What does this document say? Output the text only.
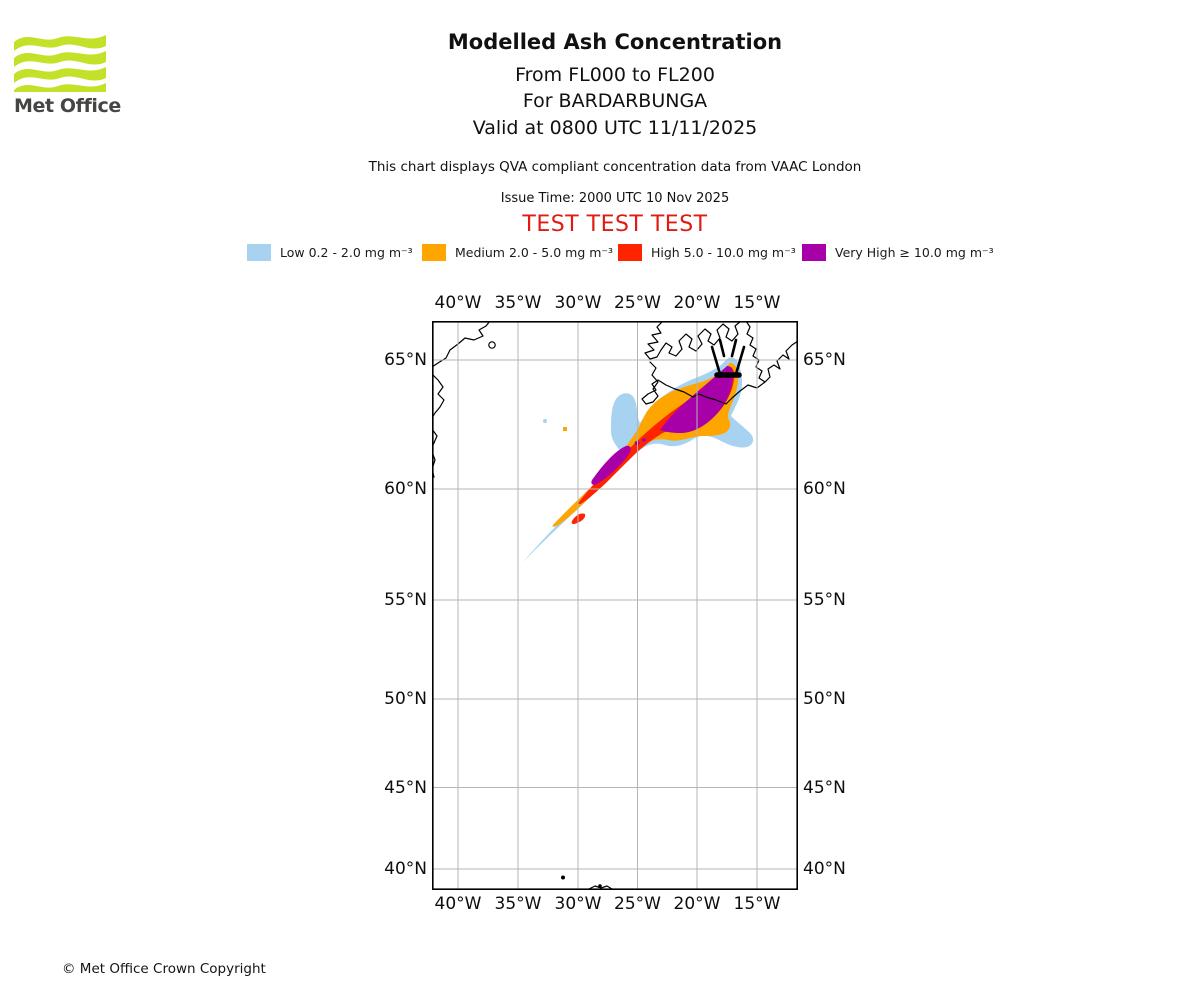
Met Office
Modelled Ash Concentration
From FL000 to FL200
For BARDARBUNGA
Valid at 0800 UTC 11/11/2025
This chart displays QVA compliant concentration data from VAAC London
Issue Time: 2000 UTC 10 Nov 2025
TEST TEST TEST
Low 0.2 - 2.0 mg m⁻³	Medium 2.0 - 5.0 mg m⁻³	High 5.0 - 10.0 mg m⁻³	Very High ≥ 10.0 mg m⁻³
40°W 35°W 30°W 25°W 20°W 15°W
40°W 35°W 30°W 25°W 20°W 15°W
65°N
60°N
55°N
50°N
45°N
40°N
65°N
60°N
55°N
50°N
45°N
40°N
© Met Office Crown Copyright
